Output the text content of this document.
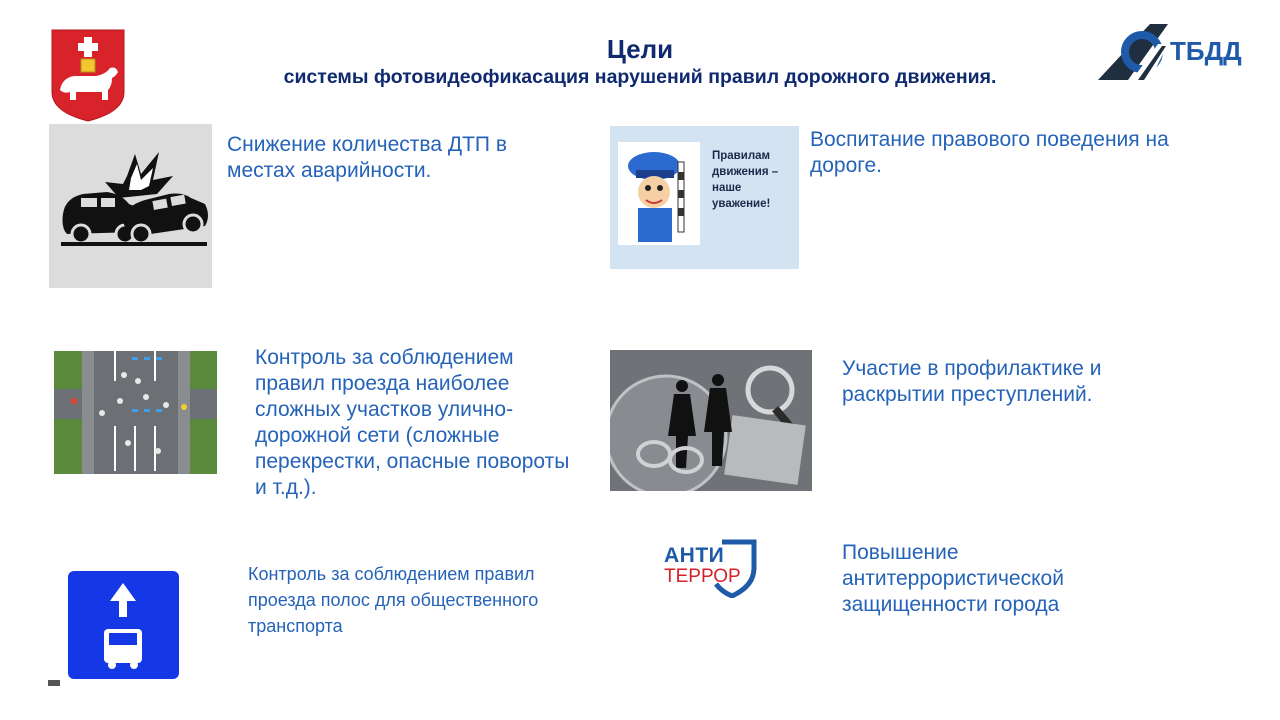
Цели
системы фотовидеофикасация нарушений правил дорожного движения.
ТБДД
Снижение количества ДТП в местах аварийности.
Правилам движения – наше уважение!
Воспитание правового поведения на дороге.
Контроль за соблюдением правил проезда наиболее сложных участков улично-дорожной сети (сложные перекрестки, опасные повороты и т.д.).
Участие в профилактике и раскрытии преступлений.
Контроль за соблюдением правил проезда полос для общественного транспорта
АНТИ
ТЕРРОР
Повышение антитеррористической защищенности города
